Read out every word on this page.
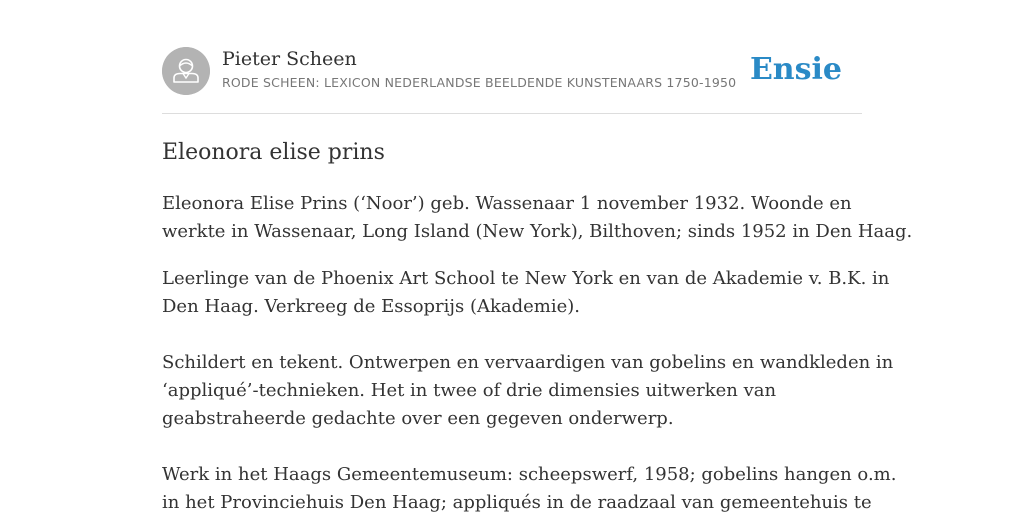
Pieter Scheen
RODE SCHEEN: LEXICON NEDERLANDSE BEELDENDE KUNSTENAARS 1750-1950 Ensie
Eleonora elise prins

Eleonora Elise Prins (‘Noor’) geb. Wassenaar 1 november 1932. Woonde en
werkte in Wassenaar, Long Island (New York), Bilthoven; sinds 1952 in Den Haag.

Leerlinge van de Phoenix Art School te New York en van de Akademie v. B.K. in
Den Haag. Verkreeg de Essoprijs (Akademie).

Schildert en tekent. Ontwerpen en vervaardigen van gobelins en wandkleden in
‘appliqué’-technieken. Het in twee of drie dimensies uitwerken van
geabstraheerde gedachte over een gegeven onderwerp.

Werk in het Haags Gemeentemuseum: scheepswerf, 1958; gobelins hangen o.m.
in het Provinciehuis Den Haag; appliqués in de raadzaal van gemeentehuis te
